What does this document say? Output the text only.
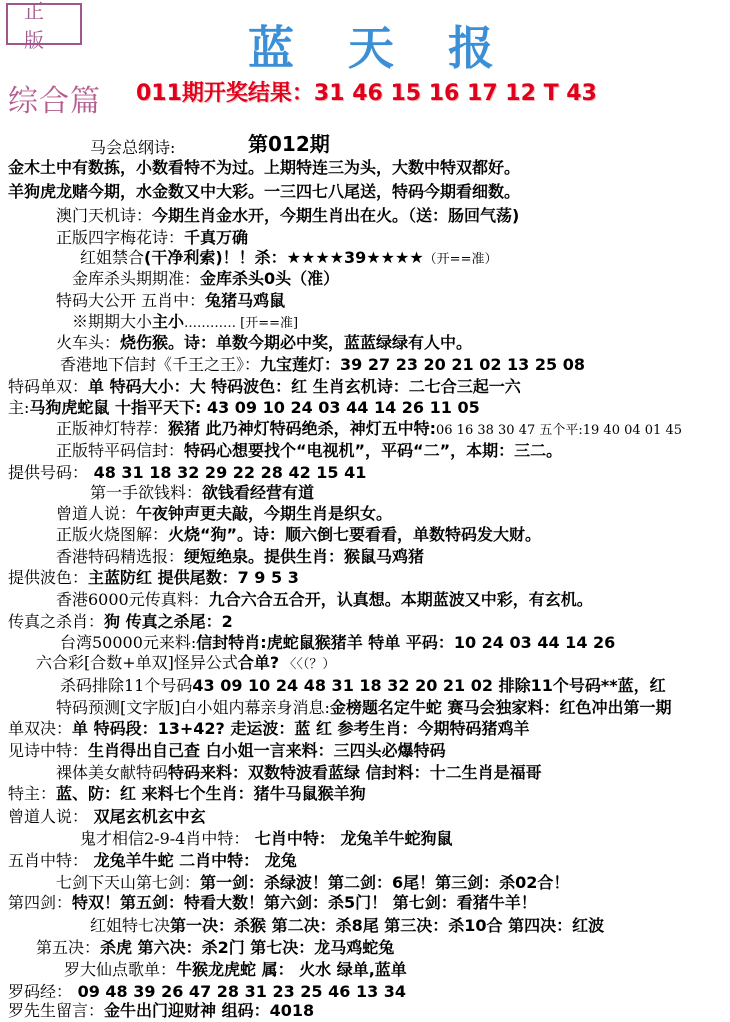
正 版	蓝天报
综合篇 011期开奖结果：31 46 15 16 17 12 T 43
第012期
马会总纲诗:
金木土中有数拣，小数看特不为过。上期特连三为头，大数中特双都好。
羊狗虎龙赌今期，水金数又中大彩。一三四七八尾送，特码今期看细数。
澳门天机诗：今期生肖金水开，今期生肖出在火。（送：肠回气荡)
正版四字梅花诗：千真万确
红姐禁合(干净利索)！！杀：★★★★39★★★★（开==准）
金库杀头期期准：金库杀头0头（准）
特码大公开 五肖中：兔猪马鸡鼠
※期期大小主小………… [开==准]
火车头：烧伤猴。诗：单数今期必中奖，蓝蓝绿绿有人中。
香港地下信封《千王之王》：九宝莲灯：39 27 23 20 21 02 13 25 08
特码单双：单 特码大小：大 特码波色：红 生肖玄机诗：二七合三起一六
主:马狗虎蛇鼠 十指平天下: 43 09 10 24 03 44 14 26 11 05
正版神灯特荐：猴猪 此乃神灯特码绝杀，神灯五中特:06 16 38 30 47 五个平:19 40 04 01 45
正版特平码信封：特码心想要找个“电视机”，平码“二”，本期：三二。
提供号码： 48 31 18 32 29 22 28 42 15 41
第一手欲钱料：欲钱看经营有道
曾道人说：午夜钟声更夫敲，今期生肖是织女。
正版火烧图解：火烧“狗”。诗：顺六倒七要看看，单数特码发大财。
香港特码精选报：绠短绝泉。提供生肖：猴鼠马鸡猪
提供波色：主蓝防红 提供尾数：7 9 5 3
香港6000元传真料：九合六合五合开，认真想。本期蓝波又中彩，有玄机。
传真之杀肖：狗 传真之杀尾：2
台湾50000元来料:信封特肖:虎蛇鼠猴猪羊 特单 平码：10 24 03 44 14 26
六合彩[合数+单双]怪异公式合单? 〈〈（？）
杀码排除11个号码43 09 10 24 48 31 18 32 20 21 02 排除11个号码**蓝，红
特码预测[文字版]白小姐内幕亲身消息:金榜题名定牛蛇 赛马会独家料：红色冲出第一期
单双决：单 特码段：13+42? 走运波：蓝 红 参考生肖：今期特码猪鸡羊
见诗中特：生肖得出自己查 白小姐一言来料：三四头必爆特码
裸体美女献特码特码来料：双数特波看蓝绿 信封料：十二生肖是福哥
特主：蓝、防：红 来料七个生肖：猪牛马鼠猴羊狗
曾道人说： 双尾玄机玄中玄
鬼才相信2-9-4肖中特： 七肖中特： 龙兔羊牛蛇狗鼠
五肖中特： 龙兔羊牛蛇 二肖中特： 龙兔
七剑下天山第七剑：第一剑：杀绿波！第二剑：6尾！第三剑：杀02合！
第四剑：特双！第五剑：特看大数！第六剑：杀5门！ 第七剑：看猪牛羊！
红姐特七决第一决：杀猴 第二决：杀8尾 第三决：杀10合 第四决：红波
第五决：杀虎 第六决：杀2门 第七决：龙马鸡蛇兔
罗大仙点歌单：牛猴龙虎蛇 属： 火水 绿单,蓝单
罗码经： 09 48 39 26 47 28 31 23 25 46 13 34
罗先生留言：金牛出门迎财神 组码：4018
